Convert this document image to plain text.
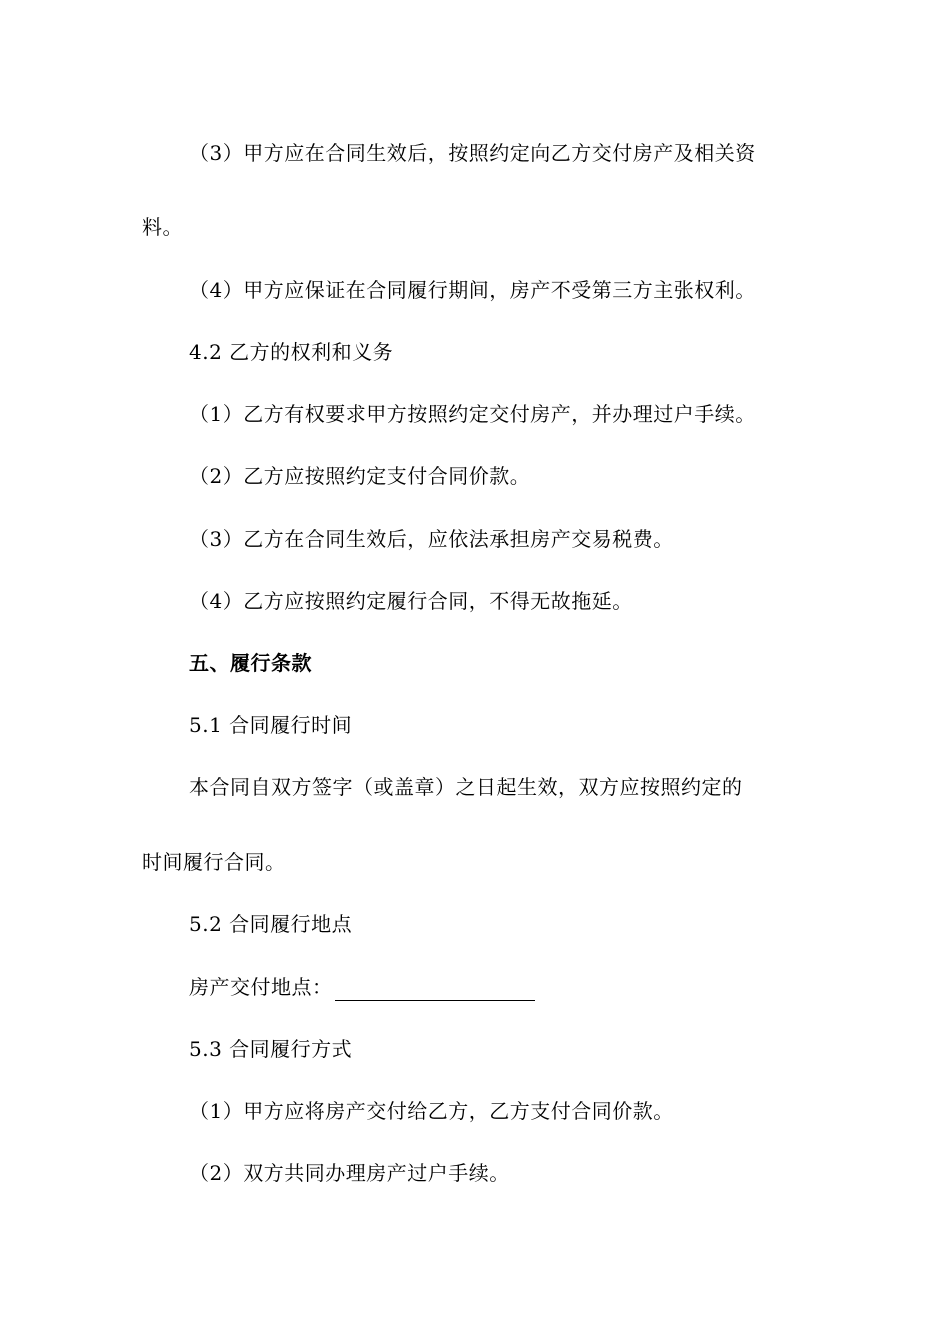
（3）甲方应在合同生效后，按照约定向乙方交付房产及相关资
料。
（4）甲方应保证在合同履行期间，房产不受第三方主张权利。
4.2 乙方的权利和义务
（1）乙方有权要求甲方按照约定交付房产，并办理过户手续。
（2）乙方应按照约定支付合同价款。
（3）乙方在合同生效后，应依法承担房产交易税费。
（4）乙方应按照约定履行合同，不得无故拖延。
五、履行条款
5.1 合同履行时间
本合同自双方签字（或盖章）之日起生效，双方应按照约定的
时间履行合同。
5.2 合同履行地点
房产交付地点：
5.3 合同履行方式
（1）甲方应将房产交付给乙方，乙方支付合同价款。
（2）双方共同办理房产过户手续。
